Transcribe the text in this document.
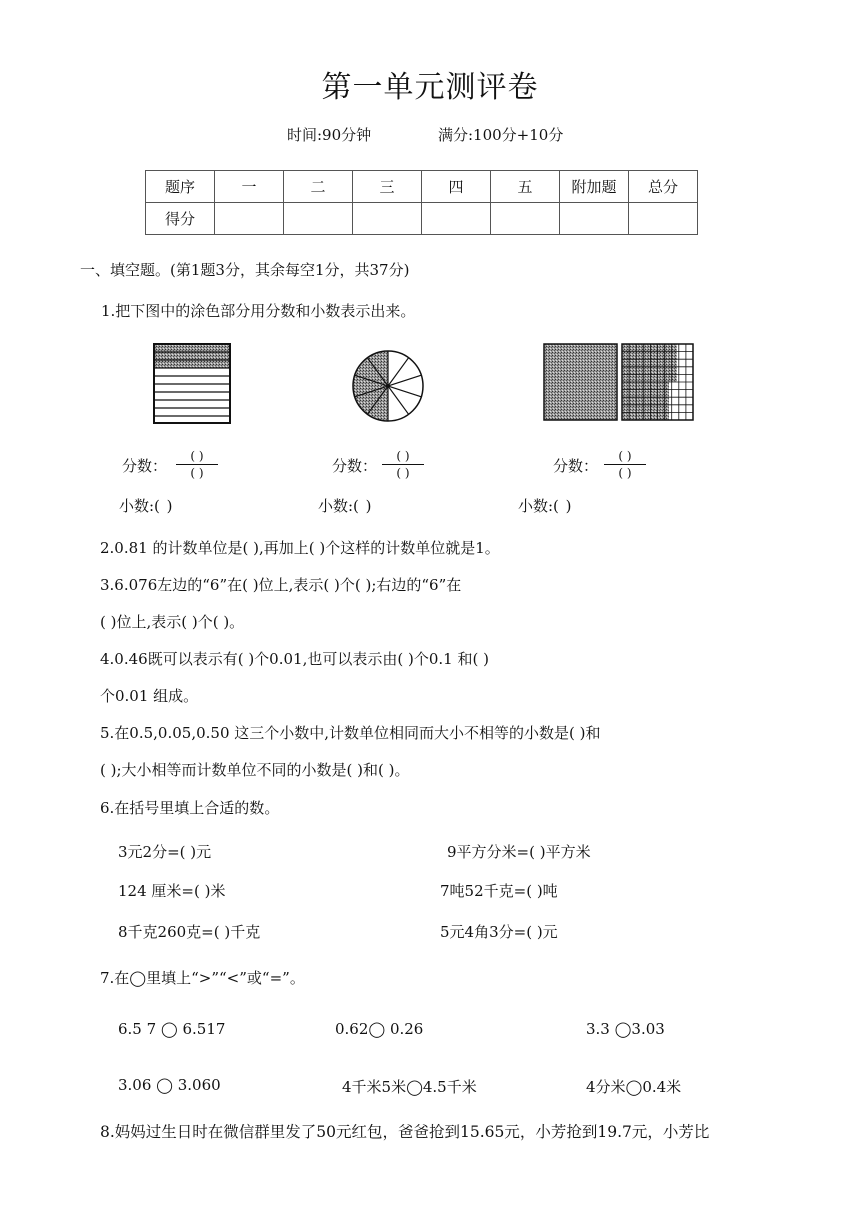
第一单元测评卷
时间:90分钟	满分:100分+10分
题序	一	二	三	四	五	附加题	总分
得分							
一、填空题。(第1题3分，其余每空1分，共37分)
1.把下图中的涂色部分用分数和小数表示出来。
分数：
( )
( )	分数：
( )
( )	分数：
( )
( )
小数:( )	小数:( )	小数:( )
2.0.81 的计数单位是( ),再加上( )个这样的计数单位就是1。
3.6.076左边的“6”在( )位上,表示( )个( );右边的“6”在
( )位上,表示( )个( )。
4.0.46既可以表示有( )个0.01,也可以表示由( )个0.1 和( )
个0.01 组成。
5.在0.5,0.05,0.50 这三个小数中,计数单位相同而大小不相等的小数是( )和
( );大小相等而计数单位不同的小数是( )和( )。
6.在括号里填上合适的数。
3元2分=( )元	9平方分米=( )平方米
124 厘米=( )米	7吨52千克=( )吨
8千克260克=( )千克	5元4角3分=( )元
7.在◯里填上“>”“<”或“=”。
6.5 7 ◯ 6.517	0.62◯ 0.26	3.3 ◯3.03
3.06 ◯ 3.060	4千米5米◯4.5千米	4分米◯0.4米
8.妈妈过生日时在微信群里发了50元红包，爸爸抢到15.65元，小芳抢到19.7元，小芳比
